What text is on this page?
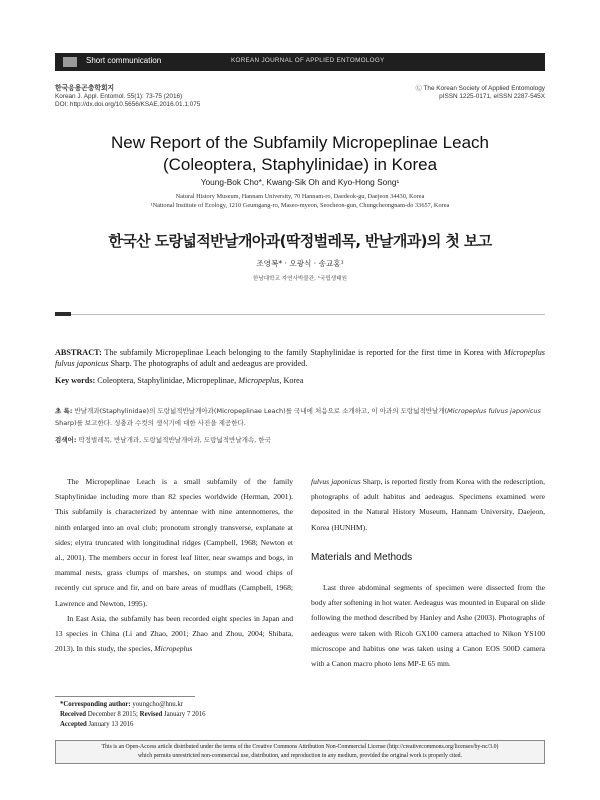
Short communication	KOREAN JOURNAL OF APPLIED ENTOMOLOGY
한국응용곤충학회지
Korean J. Appl. Entomol. 55(1): 73-75 (2016)
DOI: http://dx.doi.org/10.5656/KSAE.2016.01.1.075
Ⓒ The Korean Society of Applied Entomology
pISSN 1225-0171, eISSN 2287-545X
New Report of the Subfamily Micropeplinae Leach
(Coleoptera, Staphylinidae) in Korea
Young-Bok Cho*, Kwang-Sik Oh and Kyo-Hong Song¹
Natural History Museum, Hannam University, 70 Hannam-ro, Daedeok-gu, Daejeon 34430, Korea
¹National Institute of Ecology, 1210 Geumgang-ro, Maseo-myeon, Seocheon-gun, Chungcheongnam-do 33657, Korea
한국산 도랑넓적반날개아과(딱정벌레목, 반날개과)의 첫 보고
조영복* · 오광식 · 송교홍¹
한남대학교 자연사박물관, ¹국립생태원
ABSTRACT: The subfamily Micropeplinae Leach belonging to the family Staphylinidae is reported for the first time in Korea with Micropeplus fulvus japonicus Sharp. The photographs of adult and aedeagus are provided.
Key words: Coleoptera, Staphylinidae, Micropeplinae, Micropeplus, Korea
초 록: 반날개과(Staphylinidae)의 도랑넓적반날개아과(Micropeplinae Leach)를 국내에 처음으로 소개하고, 이 아과의 도랑넓적반날개(Micropeplus fulvus japonicus Sharp)를 보고한다. 성충과 수컷의 생식기에 대한 사진을 제공한다.
검색어: 딱정벌레목, 반날개과, 도랑넓적반날개아과, 도랑넓적반날개속, 한국

The Micropeplinae Leach is a small subfamily of the family Staphylinidae including more than 82 species worldwide (Herman, 2001). This subfamily is characterized by antennae with nine antennomeres, the ninth enlarged into an oval club; pronotum strongly transverse, explanate at sides; elytra truncated with longitudinal ridges (Campbell, 1968; Newton et al., 2001). The members occur in forest leaf litter, near swamps and bogs, in mammal nests, grass clumps of marshes, on stumps and wood chips of recently cut spruce and fir, and on bare areas of mudflats (Campbell, 1968; Lawrence and Newton, 1995).

In East Asia, the subfamily has been recorded eight species in Japan and 13 species in China (Li and Zhao, 2001; Zhao and Zhou, 2004; Shibata, 2013). In this study, the species, Micropeplus

fulvus japonicus Sharp, is reported firstly from Korea with the redescription, photographs of adult habitus and aedeagus. Specimens examined were deposited in the Natural History Museum, Hannam University, Daejeon, Korea (HUNHM).
Materials and Methods
Last three abdominal segments of specimen were dissected from the body after softening in hot water. Aedeagus was mounted in Euparal on slide following the method described by Hanley and Ashe (2003). Photographs of aedeagus were taken with Ricoh GX100 camera attached to Nikon YS100 microscope and habitus one was taken using a Canon EOS 500D camera with a Canon macro photo lens MP-E 65 mm.
*Corresponding author: youngcho@hnu.kr
Received December 8 2015; Revised January 7 2016
Accepted January 13 2016
This is an Open-Access article distributed under the terms of the Creative Commons Attribution Non-Commercial License (http://creativecommons.org/licenses/by-nc/3.0)
which permits unrestricted non-commercial use, distribution, and reproduction in any medium, provided the original work is properly cited.
